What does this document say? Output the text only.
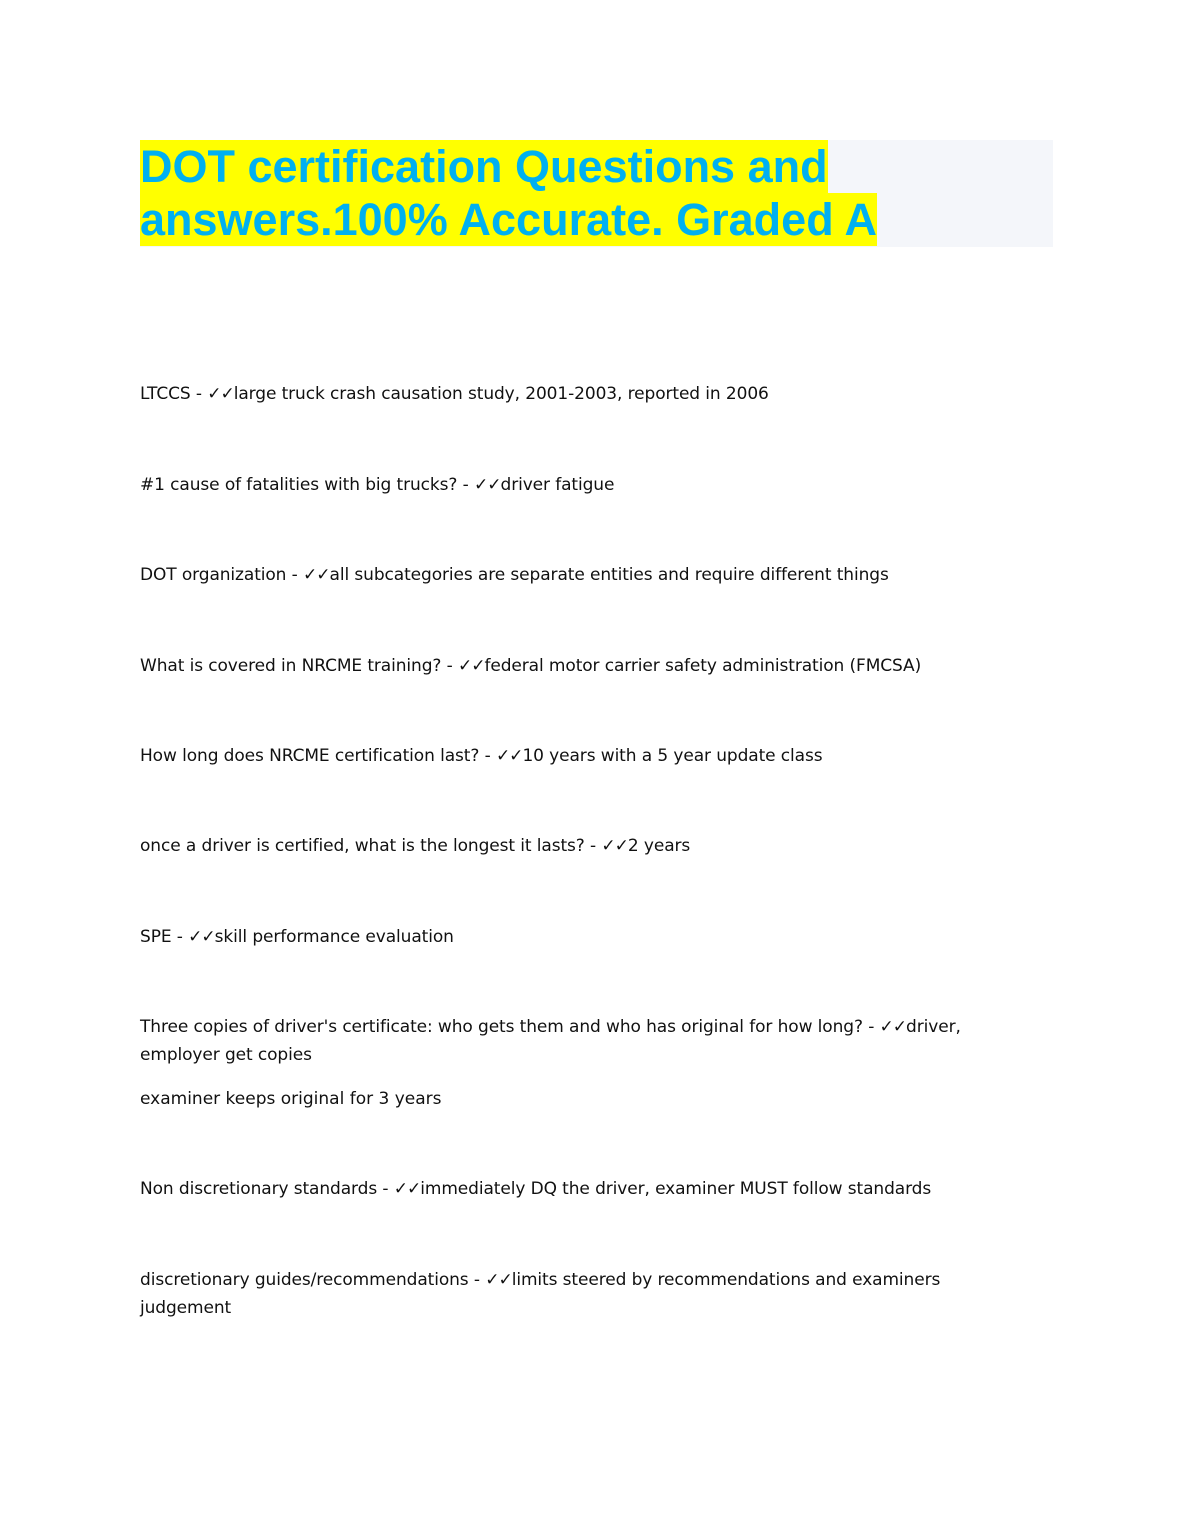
DOT certification Questions and
answers.100% Accurate. Graded A
LTCCS - ✓✓large truck crash causation study, 2001-2003, reported in 2006
#1 cause of fatalities with big trucks? - ✓✓driver fatigue
DOT organization - ✓✓all subcategories are separate entities and require different things
What is covered in NRCME training? - ✓✓federal motor carrier safety administration (FMCSA)
How long does NRCME certification last? - ✓✓10 years with a 5 year update class
once a driver is certified, what is the longest it lasts? - ✓✓2 years
SPE - ✓✓skill performance evaluation
Three copies of driver's certificate: who gets them and who has original for how long? - ✓✓driver, employer get copies
examiner keeps original for 3 years
Non discretionary standards - ✓✓immediately DQ the driver, examiner MUST follow standards
discretionary guides/recommendations - ✓✓limits steered by recommendations and examiners judgement
